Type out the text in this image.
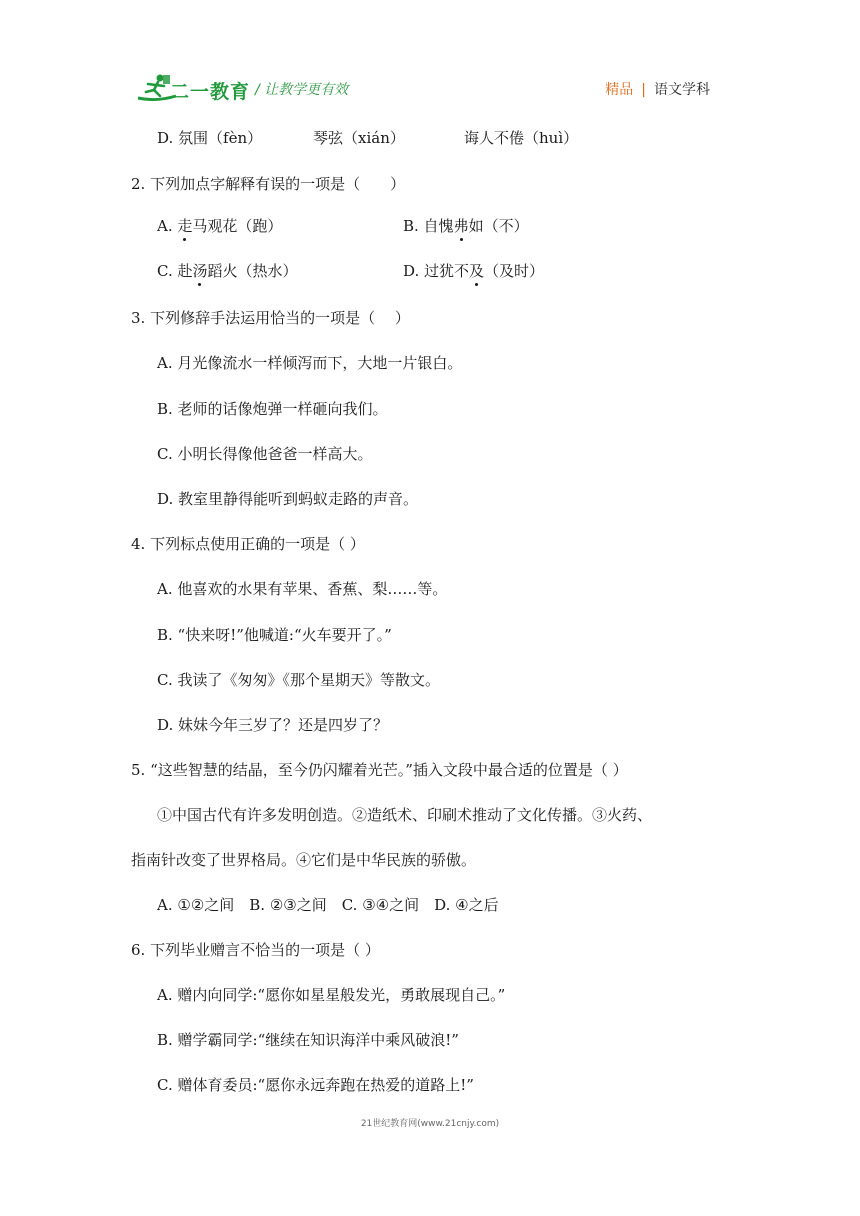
二一教育 / 让教学更有效	精品 | 语文学科
D. 氛围（fèn）	琴弦（xián）	诲人不倦（huì）
2. 下列加点字解释有误的一项是（　　）
A. 走马观花（跑）	B. 自愧弗如（不）
C. 赴汤蹈火（热水）	D. 过犹不及（及时）
3. 下列修辞手法运用恰当的一项是（　 ）
A. 月光像流水一样倾泻而下，大地一片银白。
B. 老师的话像炮弹一样砸向我们。
C. 小明长得像他爸爸一样高大。
D. 教室里静得能听到蚂蚁走路的声音。
4. 下列标点使用正确的一项是（ ）
A. 他喜欢的水果有苹果、香蕉、梨……等。
B. “快来呀!”他喊道:“火车要开了。”
C. 我读了《匆匆》《那个星期天》等散文。
D. 妹妹今年三岁了？还是四岁了？
5. “这些智慧的结晶，至今仍闪耀着光芒。”插入文段中最合适的位置是（ ）
①中国古代有许多发明创造。②造纸术、印刷术推动了文化传播。③火药、
指南针改变了世界格局。④它们是中华民族的骄傲。
A. ①②之间　B. ②③之间　C. ③④之间　D. ④之后
6. 下列毕业赠言不恰当的一项是（ ）
A. 赠内向同学:“愿你如星星般发光，勇敢展现自己。”
B. 赠学霸同学:“继续在知识海洋中乘风破浪!”
C. 赠体育委员:“愿你永远奔跑在热爱的道路上!”
21世纪教育网(www.21cnjy.com)
